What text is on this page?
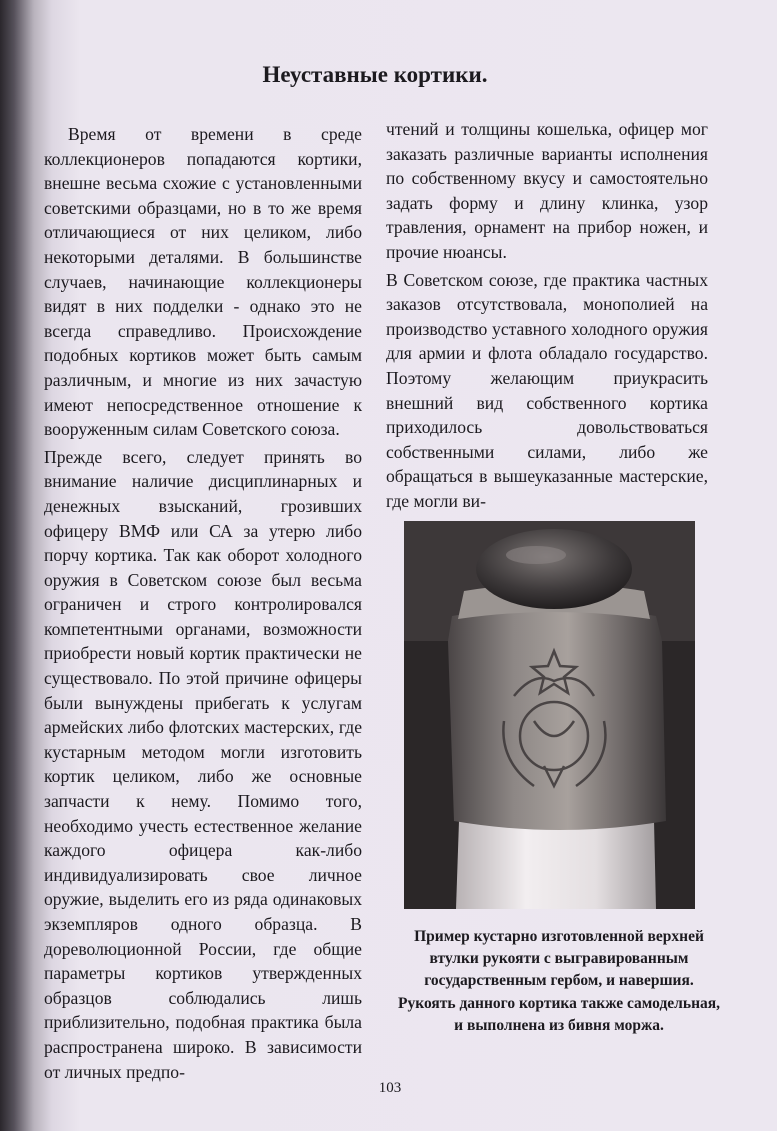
Неуставные кортики.

Время от времени в среде коллекционеров попадаются кортики, внешне весьма схожие с установленными советскими образцами, но в то же время отличающиеся от них целиком, либо некоторыми деталями. В большинстве случаев, начинающие коллекционеры видят в них подделки - однако это не всегда справедливо. Происхождение подобных кортиков может быть самым различным, и многие из них зачастую имеют непосредственное отношение к вооруженным силам Советского союза.

Прежде всего, следует принять во внимание наличие дисциплинарных и денежных взысканий, грозивших офицеру ВМФ или СА за утерю либо порчу кортика. Так как оборот холодного оружия в Советском союзе был весьма ограничен и строго контролировался компетентными органами, возможности приобрести новый кортик практически не существовало. По этой причине офицеры были вынуждены прибегать к услугам армейских либо флотских мастерских, где кустарным методом могли изготовить кортик целиком, либо же основные запчасти к нему. Помимо того, необходимо учесть естественное желание каждого офицера как-либо индивидуализировать свое личное оружие, выделить его из ряда одинаковых экземпляров одного образца. В дореволюционной России, где общие параметры кортиков утвержденных образцов соблюдались лишь приблизительно, подобная практика была распространена широко. В зависимости от личных предпо-

чтений и толщины кошелька, офицер мог заказать различные варианты исполнения по собственному вкусу и самостоятельно задать форму и длину клинка, узор травления, орнамент на прибор ножен, и прочие нюансы.

В Советском союзе, где практика частных заказов отсутствовала, монополией на производство уставного холодного оружия для армии и флота обладало государство. Поэтому желающим приукрасить внешний вид собственного кортика приходилось довольствоваться собственными силами, либо же обращаться в вышеуказанные мастерские, где могли ви-

Пример кустарно изготовленной верхней втулки рукояти с выгравированным государственным гербом, и навершия. Рукоять данного кортика также самодельная, и выполнена из бивня моржа.
103
